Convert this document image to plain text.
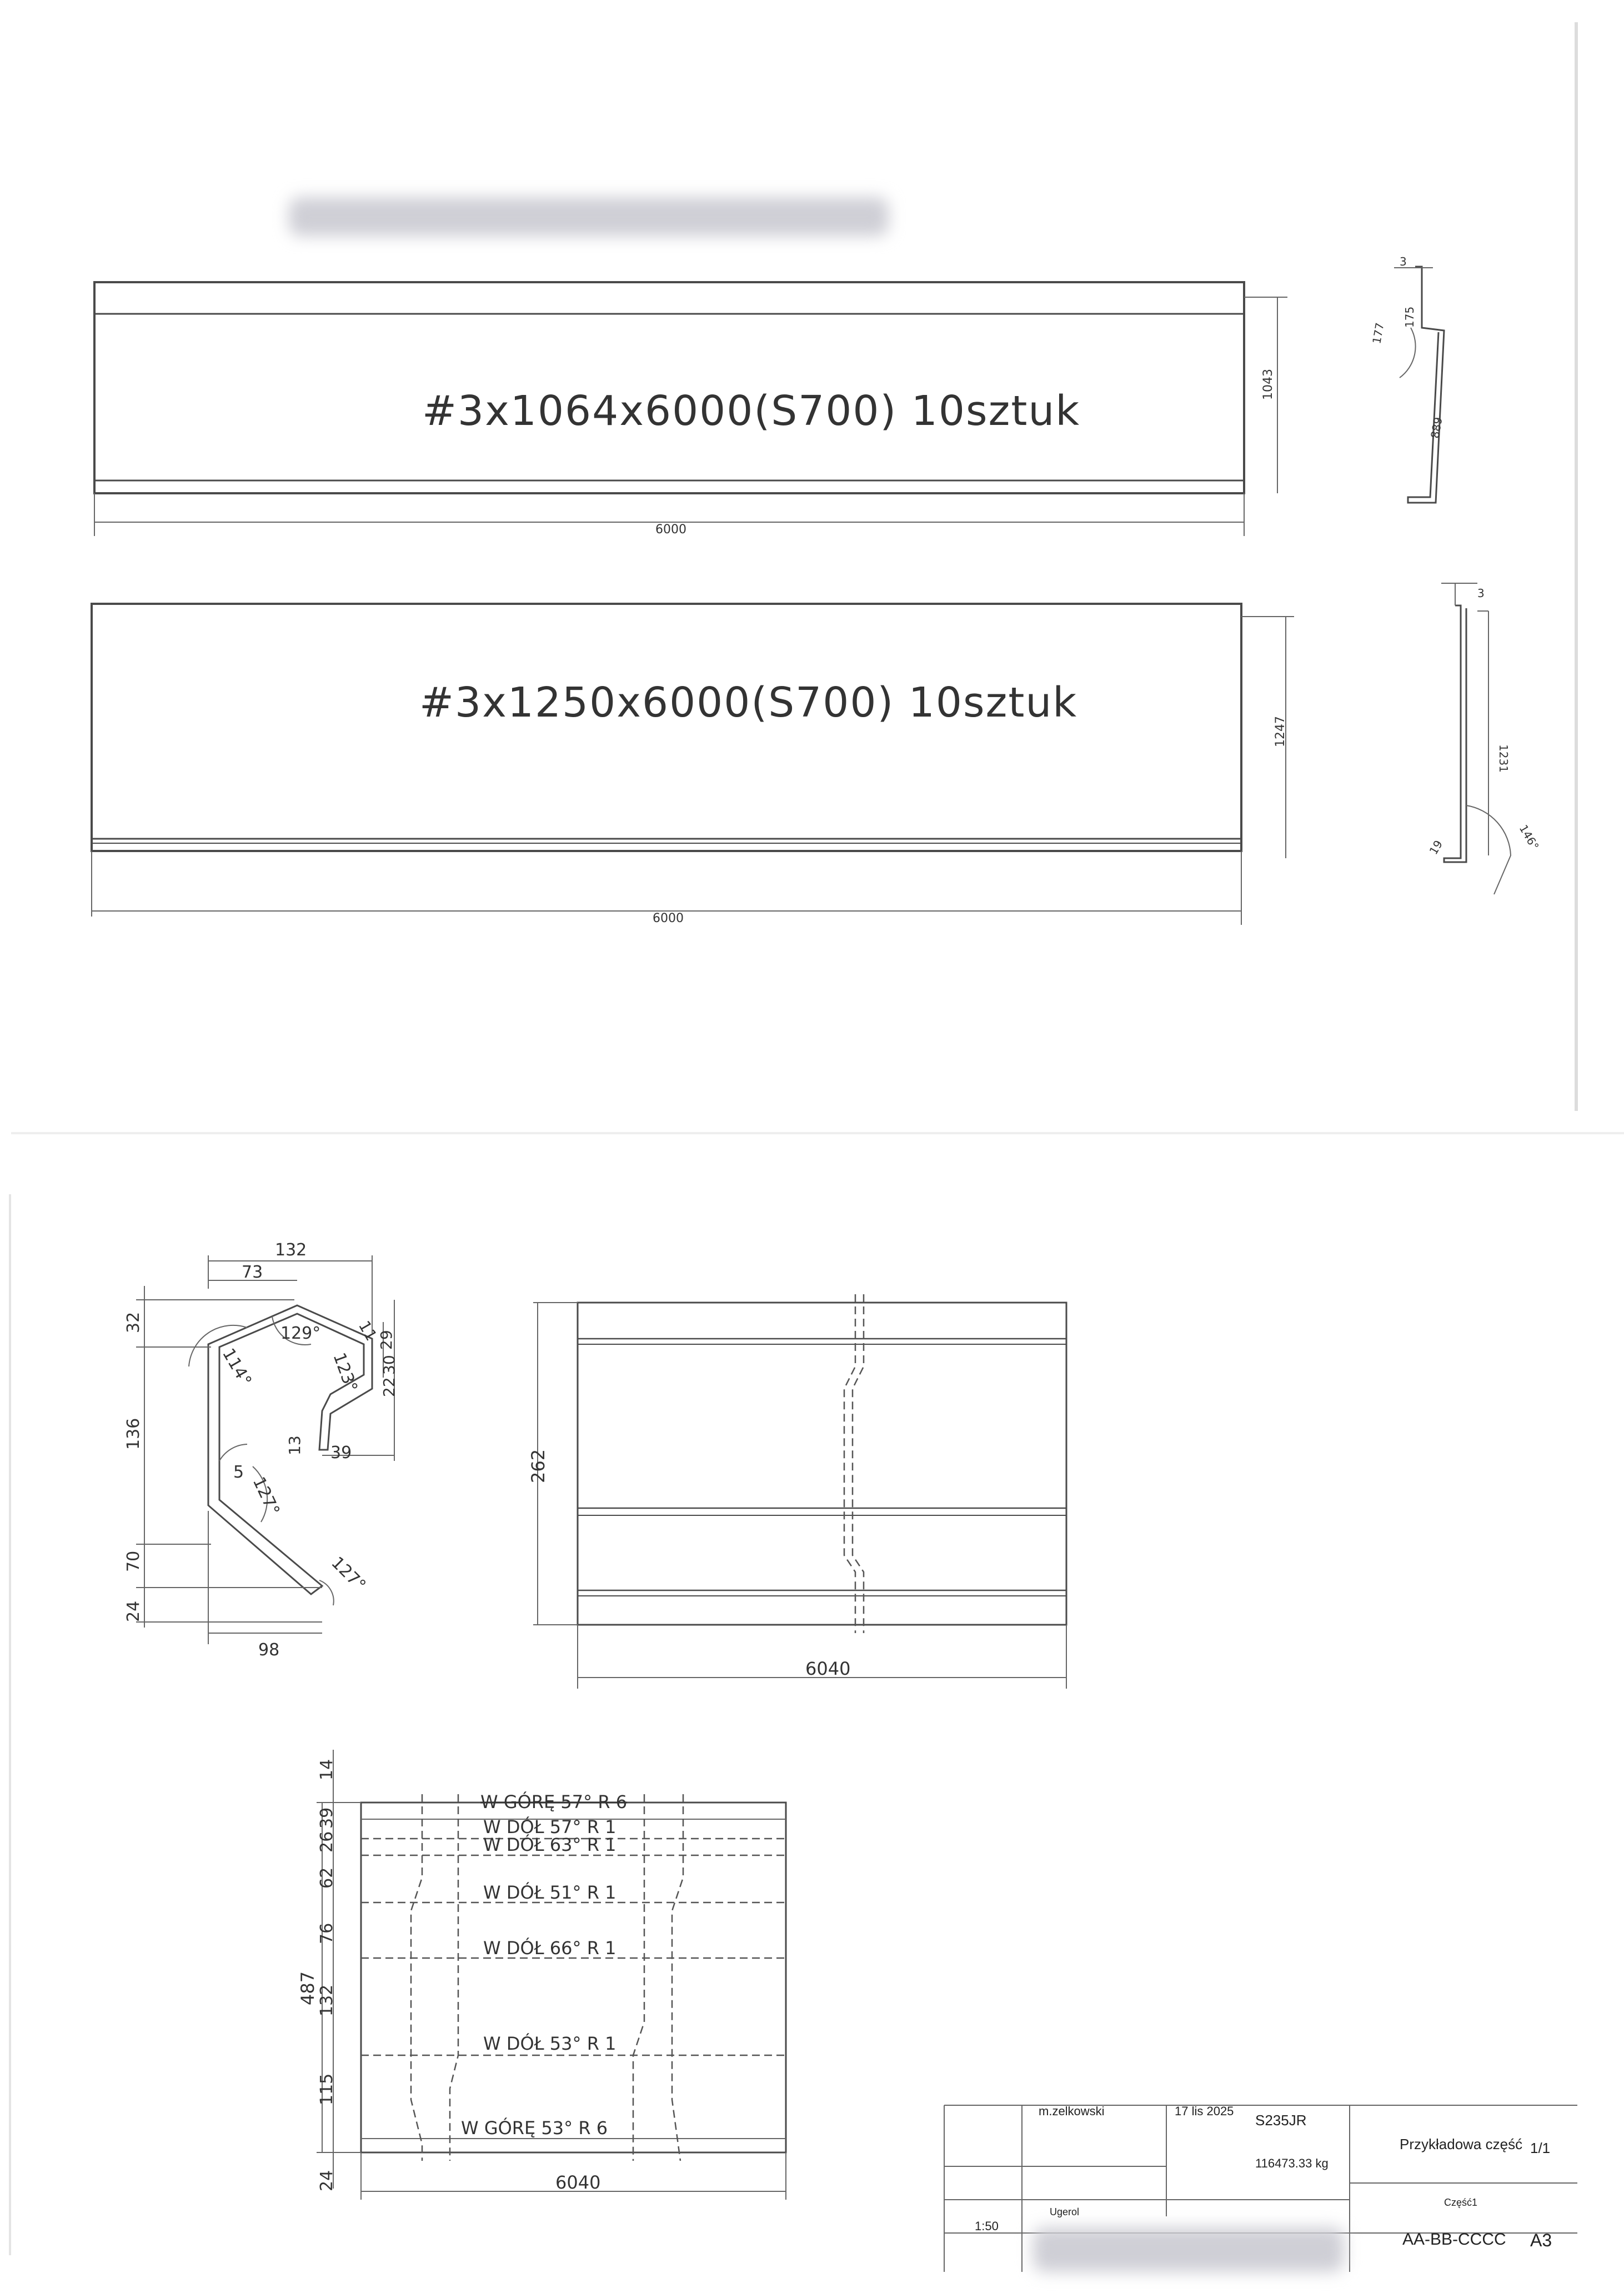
#3x1064x6000(S700) 10sztuk
1043
6000
#3x1250x6000(S700) 10sztuk
1247
6000
3
177
175
889
3
1231
146°
19
132
73
32
136
70
24
98
129°
114°	123°
11
29
30
22
13 39
5
127°
127°
262
6040
W GÓRĘ 57° R 6
W DÓŁ 57° R 1
W DÓŁ 63° R 1
W DÓŁ 51° R 1
W DÓŁ 66° R 1
W DÓŁ 53° R 1
W GÓRĘ 53° R 6
14
39
26
62
76
132
115
24
487
6040
m.zelkowski	17 lis 2025
S235JR
116473.33 kg
Przykładowa część 1/1
Część1
Ugerol
1:50
AA-BB-CCCC A3
